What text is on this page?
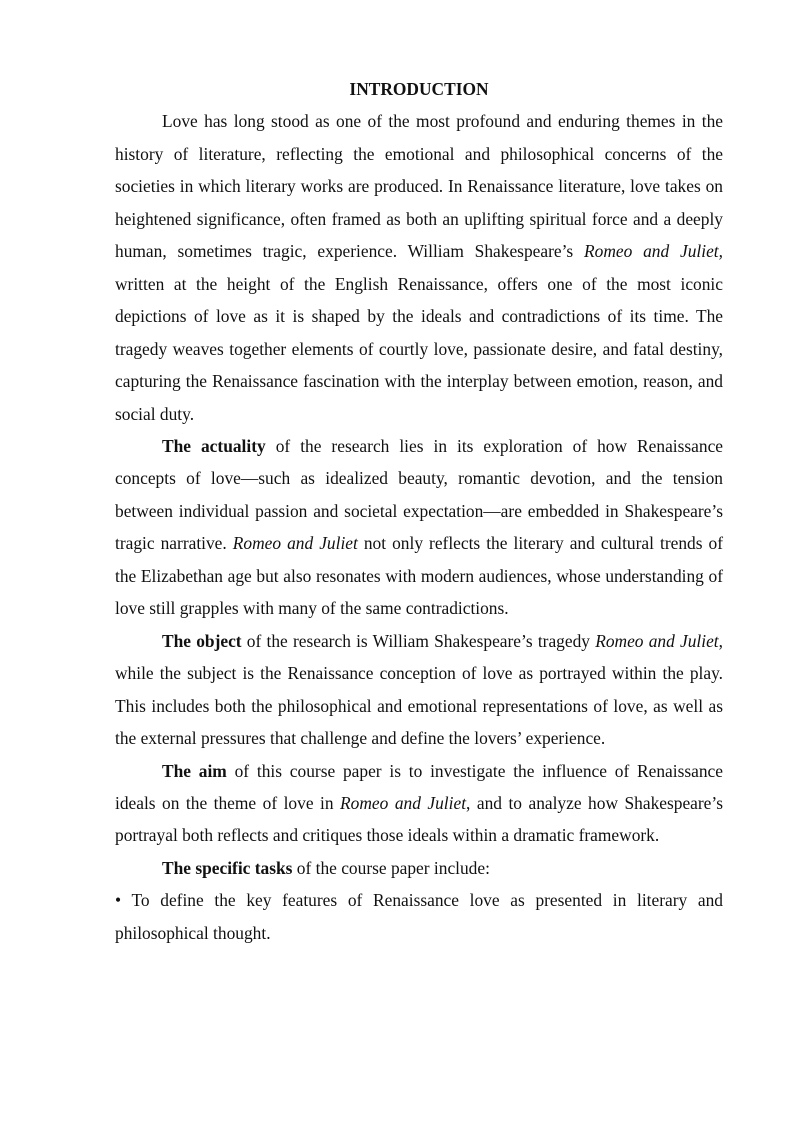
INTRODUCTION

Love has long stood as one of the most profound and enduring themes in the history of literature, reflecting the emotional and philosophical concerns of the societies in which literary works are produced. In Renaissance literature, love takes on heightened significance, often framed as both an uplifting spiritual force and a deeply human, sometimes tragic, experience. William Shakespeare’s Romeo and Juliet, written at the height of the English Renaissance, offers one of the most iconic depictions of love as it is shaped by the ideals and contradictions of its time. The tragedy weaves together elements of courtly love, passionate desire, and fatal destiny, capturing the Renaissance fascination with the interplay between emotion, reason, and social duty.

The actuality of the research lies in its exploration of how Renaissance concepts of love—such as idealized beauty, romantic devotion, and the tension between individual passion and societal expectation—are embedded in Shakespeare’s tragic narrative. Romeo and Juliet not only reflects the literary and cultural trends of the Elizabethan age but also resonates with modern audiences, whose understanding of love still grapples with many of the same contradictions.

The object of the research is William Shakespeare’s tragedy Romeo and Juliet, while the subject is the Renaissance conception of love as portrayed within the play. This includes both the philosophical and emotional representations of love, as well as the external pressures that challenge and define the lovers’ experience.

The aim of this course paper is to investigate the influence of Renaissance ideals on the theme of love in Romeo and Juliet, and to analyze how Shakespeare’s portrayal both reflects and critiques those ideals within a dramatic framework.

The specific tasks of the course paper include:

• To define the key features of Renaissance love as presented in literary and philosophical thought.
